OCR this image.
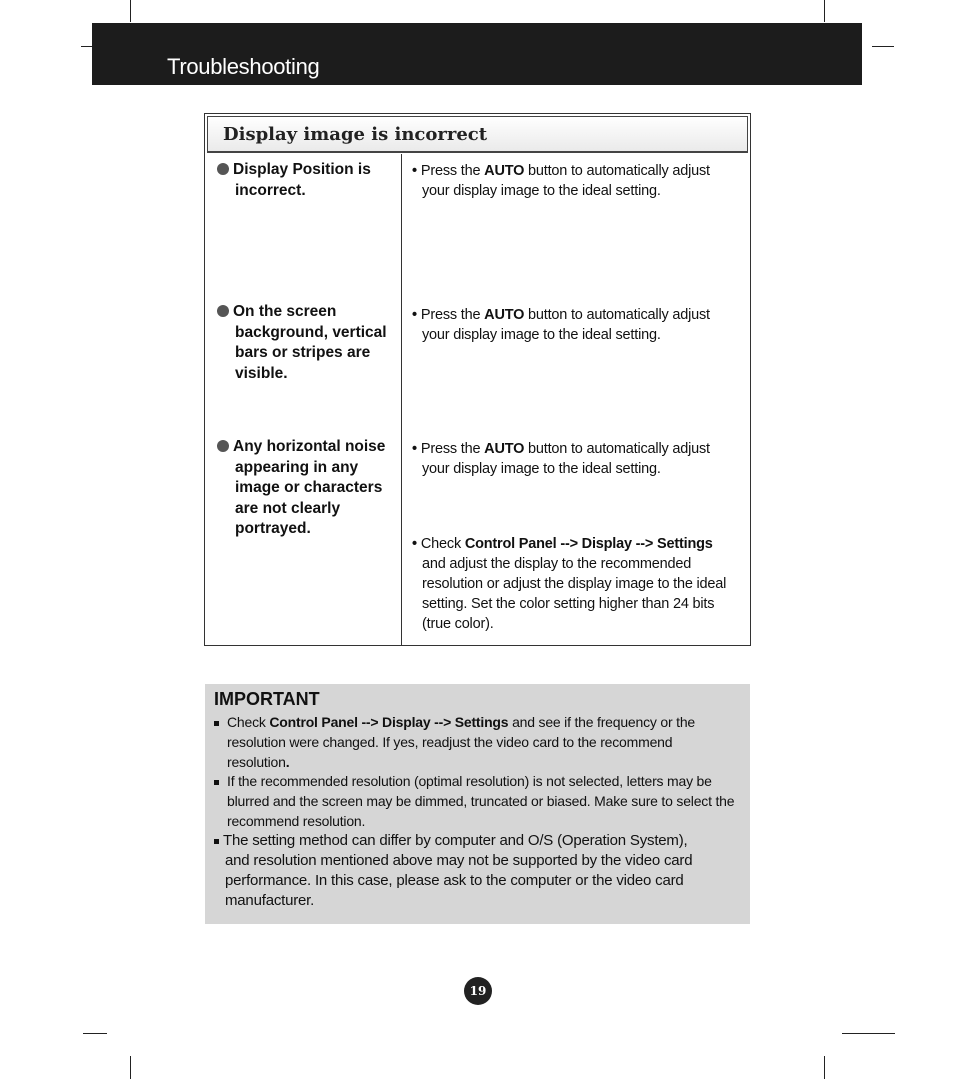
Troubleshooting
Display image is incorrect
Display Position is
incorrect.
• Press the AUTO button to automatically adjust
your display image to the ideal setting.
On the screen
background, vertical bars or stripes are visible.
• Press the AUTO button to automatically adjust
your display image to the ideal setting.
Any horizontal noise
appearing in any image or characters are not clearly portrayed.
• Press the AUTO button to automatically adjust
your display image to the ideal setting.
• Check Control Panel --> Display --> Settings
and adjust the display to the recommended resolution or adjust the display image to the ideal setting. Set the color setting higher than 24 bits (true color).
IMPORTANT
Check Control Panel --> Display --> Settings and see if the frequency or the
resolution were changed. If yes, readjust the video card to the recommend resolution.
If the recommended resolution (optimal resolution) is not selected, letters may be
blurred and the screen may be dimmed, truncated or biased. Make sure to select the recommend resolution.
The setting method can differ by computer and O/S (Operation System),
and resolution mentioned above may not be supported by the video card performance. In this case, please ask to the computer or the video card manufacturer.
19
